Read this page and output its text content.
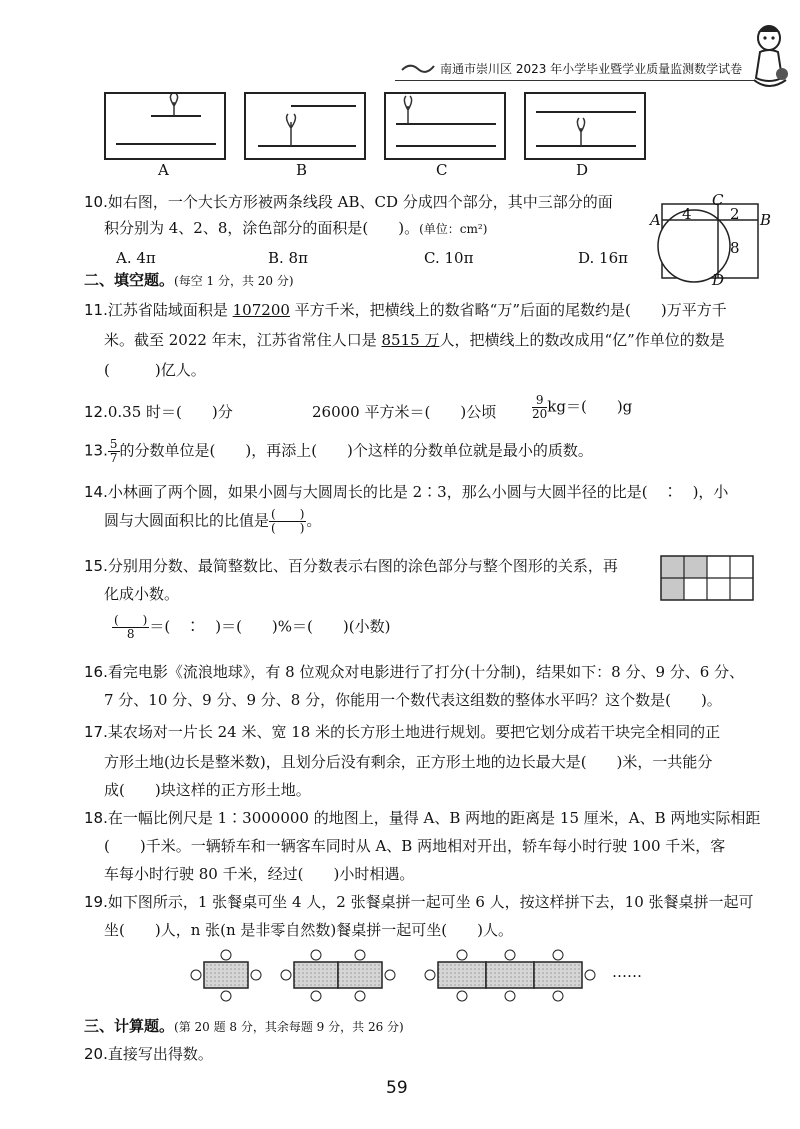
南通市崇川区 2023 年小学毕业暨学业质量监测数学试卷
A	B	C	D
10.如右图，一个大长方形被两条线段 AB、CD 分成四个部分，其中三部分的面
积分别为 4、2、8，涂色部分的面积是(　　)。(单位：cm²)
A. 4π	B. 8π	C. 10π	D. 16π
A	B
C
D
4	2
8
二、填空题。(每空 1 分，共 20 分)
11.江苏省陆域面积是 107200 平方千米，把横线上的数省略“万”后面的尾数约是(　　)万平方千
米。截至 2022 年末，江苏省常住人口是 8515 万人，把横线上的数改成用“亿”作单位的数是
(　　　)亿人。
12.0.35 时＝(　　)分	26000 平方米＝(　　)公顷	$\frac{9}{20} kg=$(　　)g
13. $\frac{5}{7}$ 的分数单位是(　　)，再添上(　　)个这样的分数单位就是最小的质数。
14.小林画了两个圆，如果小圆与大圆周长的比是 2∶3，那么小圆与大圆半径的比是(　∶　)，小
圆与大圆面积比的比值是 $\frac{( )}{( )}$ 。
15.分别用分数、最简整数比、百分数表示右图的涂色部分与整个图形的关系，再
化成小数。
$\frac{( )}{8}$ ＝(　∶　)＝(　　)%＝(　　)(小数)
16.看完电影《流浪地球》，有 8 位观众对电影进行了打分(十分制)，结果如下：8 分、9 分、6 分、
7 分、10 分、9 分、9 分、8 分，你能用一个数代表这组数的整体水平吗？这个数是(　　)。
17.某农场对一片长 24 米、宽 18 米的长方形土地进行规划。要把它划分成若干块完全相同的正
方形土地(边长是整米数)，且划分后没有剩余，正方形土地的边长最大是(　　)米，一共能分
成(　　)块这样的正方形土地。
18.在一幅比例尺是 1∶3000000 的地图上，量得 A、B 两地的距离是 15 厘米，A、B 两地实际相距
(　　)千米。一辆轿车和一辆客车同时从 A、B 两地相对开出，轿车每小时行驶 100 千米，客
车每小时行驶 80 千米，经过(　　)小时相遇。
19.如下图所示，1 张餐桌可坐 4 人，2 张餐桌拼一起可坐 6 人，按这样拼下去，10 张餐桌拼一起可
坐(　　)人，n 张(n 是非零自然数)餐桌拼一起可坐(　　)人。
……
三、计算题。(第 20 题 8 分，其余每题 9 分，共 26 分)
20.直接写出得数。
59
